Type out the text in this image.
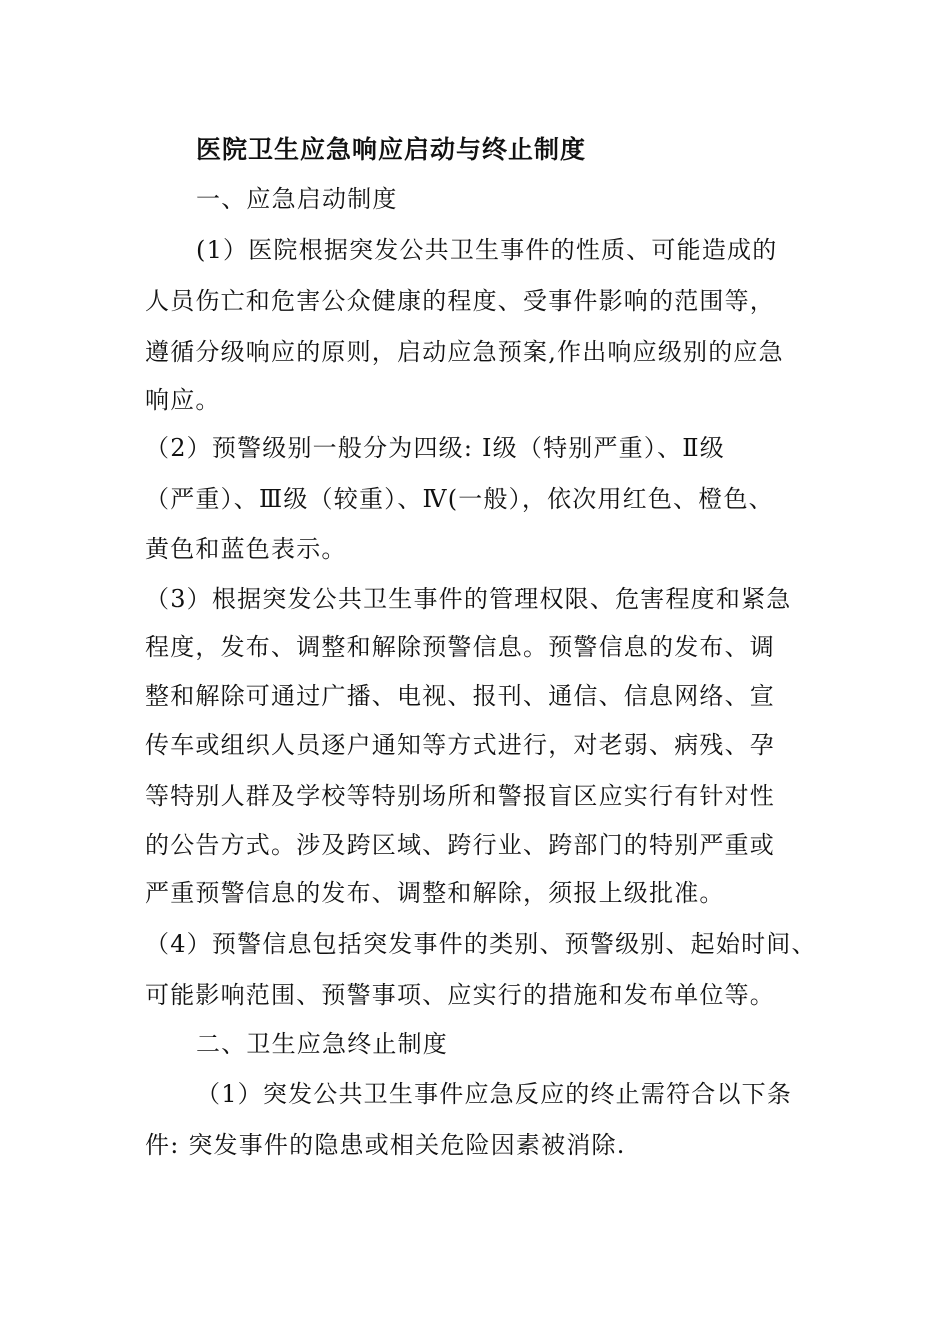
医院卫生应急响应启动与终止制度
一、应急启动制度
(1）医院根据突发公共卫生事件的性质、可能造成的
人员伤亡和危害公众健康的程度、受事件影响的范围等，
遵循分级响应的原则，启动应急预案,作出响应级别的应急
响应。
（2）预警级别一般分为四级: Ⅰ级（特别严重）、Ⅱ级
（严重）、Ⅲ级（较重）、Ⅳ(一般），依次用红色、橙色、
黄色和蓝色表示。
（3）根据突发公共卫生事件的管理权限、危害程度和紧急
程度，发布、调整和解除预警信息。预警信息的发布、调
整和解除可通过广播、电视、报刊、通信、信息网络、宣
传车或组织人员逐户通知等方式进行，对老弱、病残、孕
等特别人群及学校等特别场所和警报盲区应实行有针对性
的公告方式。涉及跨区域、跨行业、跨部门的特别严重或
严重预警信息的发布、调整和解除，须报上级批准。
（4）预警信息包括突发事件的类别、预警级别、起始时间、
可能影响范围、预警事项、应实行的措施和发布单位等。
二、卫生应急终止制度
（1）突发公共卫生事件应急反应的终止需符合以下条
件: 突发事件的隐患或相关危险因素被消除.
